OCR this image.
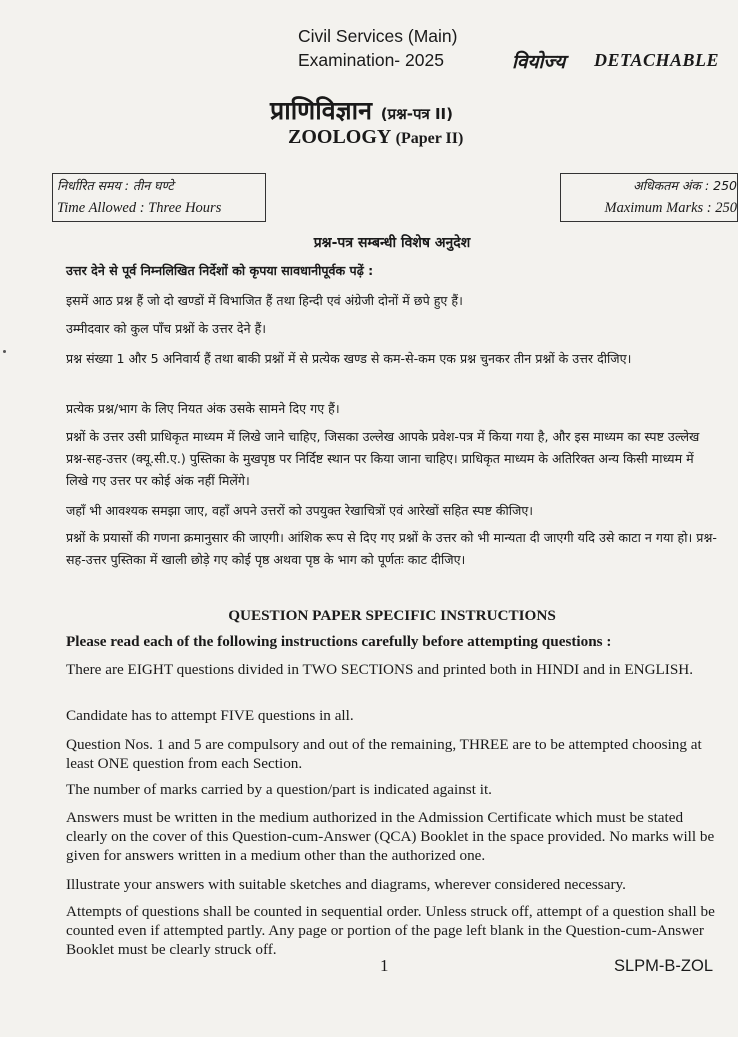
Civil Services (Main)
Examination- 2025	वियोज्य DETACHABLE
प्राणिविज्ञान (प्रश्न-पत्र II)
ZOOLOGY (Paper II)
निर्धारित समय : तीन घण्टे
Time Allowed : Three Hours
अधिकतम अंक : 250
Maximum Marks : 250
प्रश्न-पत्र सम्बन्धी विशेष अनुदेश
उत्तर देने से पूर्व निम्नलिखित निर्देशों को कृपया सावधानीपूर्वक पढ़ें :
इसमें आठ प्रश्न हैं जो दो खण्डों में विभाजित हैं तथा हिन्दी एवं अंग्रेजी दोनों में छपे हुए हैं।
उम्मीदवार को कुल पाँच प्रश्नों के उत्तर देने हैं।
प्रश्न संख्या 1 और 5 अनिवार्य हैं तथा बाकी प्रश्नों में से प्रत्येक खण्ड से कम-से-कम एक प्रश्न चुनकर तीन प्रश्नों के उत्तर दीजिए।
प्रत्येक प्रश्न/भाग के लिए नियत अंक उसके सामने दिए गए हैं।
प्रश्नों के उत्तर उसी प्राधिकृत माध्यम में लिखे जाने चाहिए, जिसका उल्लेख आपके प्रवेश-पत्र में किया गया है, और इस माध्यम का स्पष्ट उल्लेख प्रश्न-सह-उत्तर (क्यू.सी.ए.) पुस्तिका के मुखपृष्ठ पर निर्दिष्ट स्थान पर किया जाना चाहिए। प्राधिकृत माध्यम के अतिरिक्त अन्य किसी माध्यम में लिखे गए उत्तर पर कोई अंक नहीं मिलेंगे।
जहाँ भी आवश्यक समझा जाए, वहाँ अपने उत्तरों को उपयुक्त रेखाचित्रों एवं आरेखों सहित स्पष्ट कीजिए।
प्रश्नों के प्रयासों की गणना क्रमानुसार की जाएगी। आंशिक रूप से दिए गए प्रश्नों के उत्तर को भी मान्यता दी जाएगी यदि उसे काटा न गया हो। प्रश्न-सह-उत्तर पुस्तिका में खाली छोड़े गए कोई पृष्ठ अथवा पृष्ठ के भाग को पूर्णतः काट दीजिए।
QUESTION PAPER SPECIFIC INSTRUCTIONS
Please read each of the following instructions carefully before attempting questions :
There are EIGHT questions divided in TWO SECTIONS and printed both in HINDI and in ENGLISH.
Candidate has to attempt FIVE questions in all.
Question Nos. 1 and 5 are compulsory and out of the remaining, THREE are to be attempted choosing at least ONE question from each Section.
The number of marks carried by a question/part is indicated against it.
Answers must be written in the medium authorized in the Admission Certificate which must be stated clearly on the cover of this Question-cum-Answer (QCA) Booklet in the space provided. No marks will be given for answers written in a medium other than the authorized one.
Illustrate your answers with suitable sketches and diagrams, wherever considered necessary.
Attempts of questions shall be counted in sequential order. Unless struck off, attempt of a question shall be counted even if attempted partly. Any page or portion of the page left blank in the Question-cum-Answer Booklet must be clearly struck off.
1	SLPM-B-ZOL
